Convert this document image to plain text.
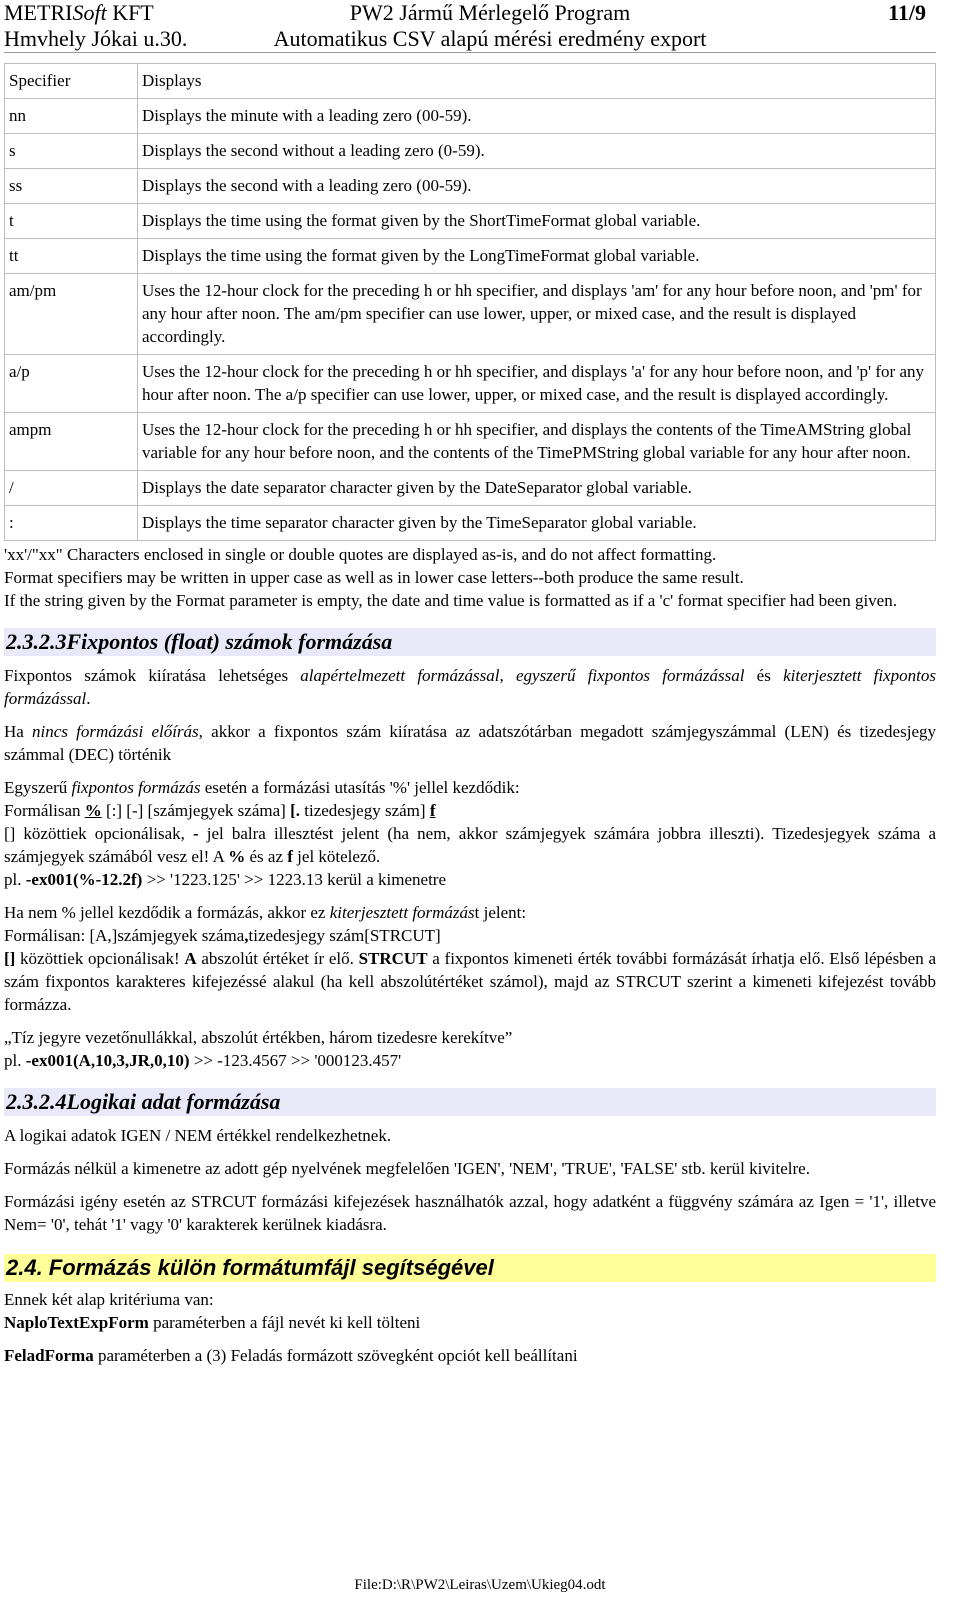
METRISoft KFT
Hmvhely Jókai u.30.
PW2 Jármű Mérlegelő Program
Automatikus CSV alapú mérési eredmény export
11/9
Specifier	Displays
nn	Displays the minute with a leading zero (00-59).
s	Displays the second without a leading zero (0-59).
ss	Displays the second with a leading zero (00-59).
t	Displays the time using the format given by the ShortTimeFormat global variable.
tt	Displays the time using the format given by the LongTimeFormat global variable.
am/pm	Uses the 12-hour clock for the preceding h or hh specifier, and displays 'am' for any hour before noon, and 'pm' for any hour after noon. The am/pm specifier can use lower, upper, or mixed case, and the result is displayed accordingly.
a/p	Uses the 12-hour clock for the preceding h or hh specifier, and displays 'a' for any hour before noon, and 'p' for any hour after noon. The a/p specifier can use lower, upper, or mixed case, and the result is displayed accordingly.
ampm	Uses the 12-hour clock for the preceding h or hh specifier, and displays the contents of the TimeAMString global variable for any hour before noon, and the contents of the TimePMString global variable for any hour after noon.
/	Displays the date separator character given by the DateSeparator global variable.
:	Displays the time separator character given by the TimeSeparator global variable.

'xx'/"xx" Characters enclosed in single or double quotes are displayed as-is, and do not affect formatting.

Format specifiers may be written in upper case as well as in lower case letters--both produce the same result.

If the string given by the Format parameter is empty, the date and time value is formatted as if a 'c' format specifier had been given.

2.3.2.3Fixpontos (float) számok formázása

Fixpontos számok kiíratása lehetséges alapértelmezett formázással, egyszerű fixpontos formázással és kiterjesztett fixpontos formázással.

Ha nincs formázási előírás, akkor a fixpontos szám kiíratása az adatszótárban megadott számjegyszámmal (LEN) és tizedesjegy számmal (DEC) történik

Egyszerű fixpontos formázás esetén a formázási utasítás '%' jellel kezdődik:

Formálisan % [:] [-] [számjegyek száma] [. tizedesjegy szám] f

[] közöttiek opcionálisak, - jel balra illesztést jelent (ha nem, akkor számjegyek számára jobbra illeszti). Tizedesjegyek száma a számjegyek számából vesz el! A % és az f jel kötelező.

pl. -ex001(%-12.2f) >> '1223.125' >> 1223.13 kerül a kimenetre

Ha nem % jellel kezdődik a formázás, akkor ez kiterjesztett formázást jelent:

Formálisan: [A,]számjegyek száma,tizedesjegy szám[STRCUT]

[] közöttiek opcionálisak! A abszolút értéket ír elő. STRCUT a fixpontos kimeneti érték további formázását írhatja elő. Első lépésben a szám fixpontos karakteres kifejezéssé alakul (ha kell abszolútértéket számol), majd az STRCUT szerint a kimeneti kifejezést tovább formázza.

„Tíz jegyre vezetőnullákkal, abszolút értékben, három tizedesre kerekítve”

pl. -ex001(A,10,3,JR,0,10) >> -123.4567 >> '000123.457'

2.3.2.4Logikai adat formázása

A logikai adatok IGEN / NEM értékkel rendelkezhetnek.

Formázás nélkül a kimenetre az adott gép nyelvének megfelelően 'IGEN', 'NEM', 'TRUE', 'FALSE' stb. kerül kivitelre.

Formázási igény esetén az STRCUT formázási kifejezések használhatók azzal, hogy adatként a függvény számára az Igen = '1', illetve Nem= '0', tehát '1' vagy '0' karakterek kerülnek kiadásra.

2.4. Formázás külön formátumfájl segítségével

Ennek két alap kritériuma van:

NaploTextExpForm paraméterben a fájl nevét ki kell tölteni

FeladForma paraméterben a (3) Feladás formázott szövegként opciót kell beállítani

File:D:\R\PW2\Leiras\Uzem\Ukieg04.odt
